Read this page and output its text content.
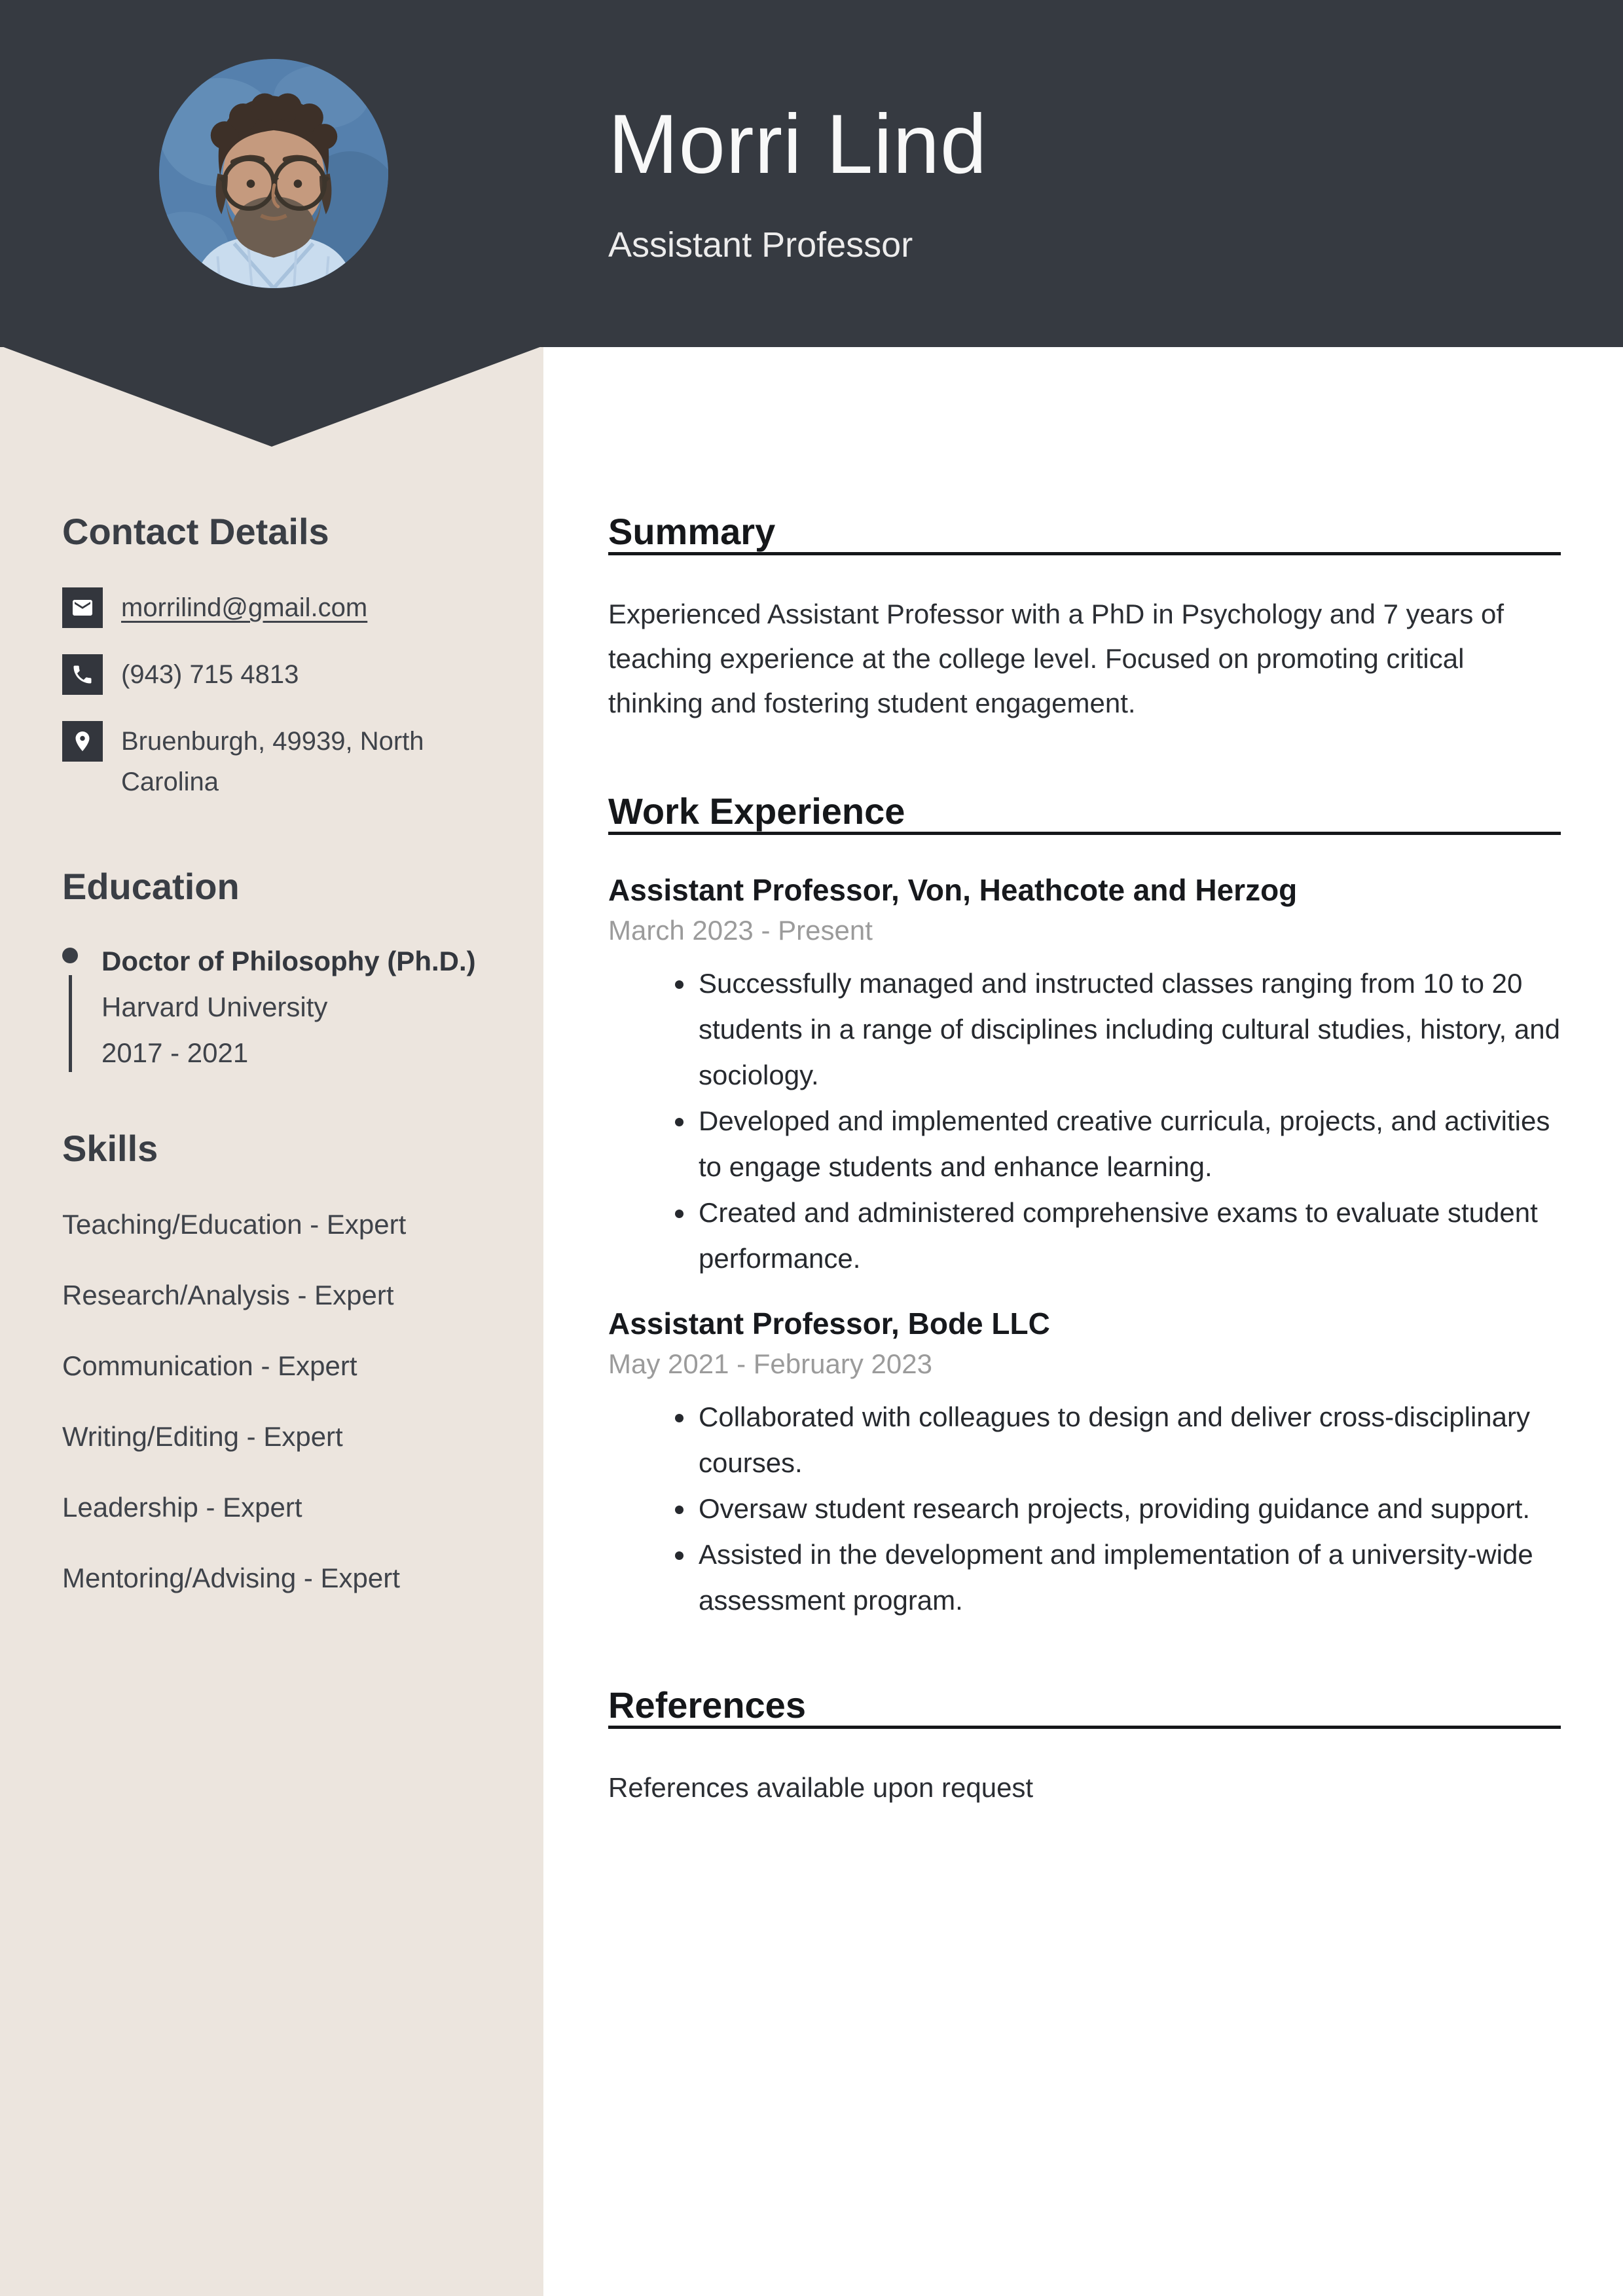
Contact Details
morrilind@gmail.com
(943) 715 4813
Bruenburgh, 49939, North Carolina
Education
Doctor of Philosophy (Ph.D.)
Harvard University
2017 - 2021
Skills
Teaching/Education - Expert
Research/Analysis - Expert
Communication - Expert
Writing/Editing - Expert
Leadership - Expert
Mentoring/Advising - Expert
Summary

Experienced Assistant Professor with a PhD in Psychology and 7 years of teaching experience at the college level. Focused on promoting critical thinking and fostering student engagement.

Work Experience
Assistant Professor, Von, Heathcote and Herzog
March 2023 - Present
• Successfully managed and instructed classes ranging from 10 to 20 students in a range of disciplines including cultural studies, history, and sociology.
• Developed and implemented creative curricula, projects, and activities to engage students and enhance learning.
• Created and administered comprehensive exams to evaluate student performance.
Assistant Professor, Bode LLC
May 2021 - February 2023
• Collaborated with colleagues to design and deliver cross-disciplinary courses.
• Oversaw student research projects, providing guidance and support.
• Assisted in the development and implementation of a university-wide assessment program.
References

References available upon request

Morri Lind
Assistant Professor
